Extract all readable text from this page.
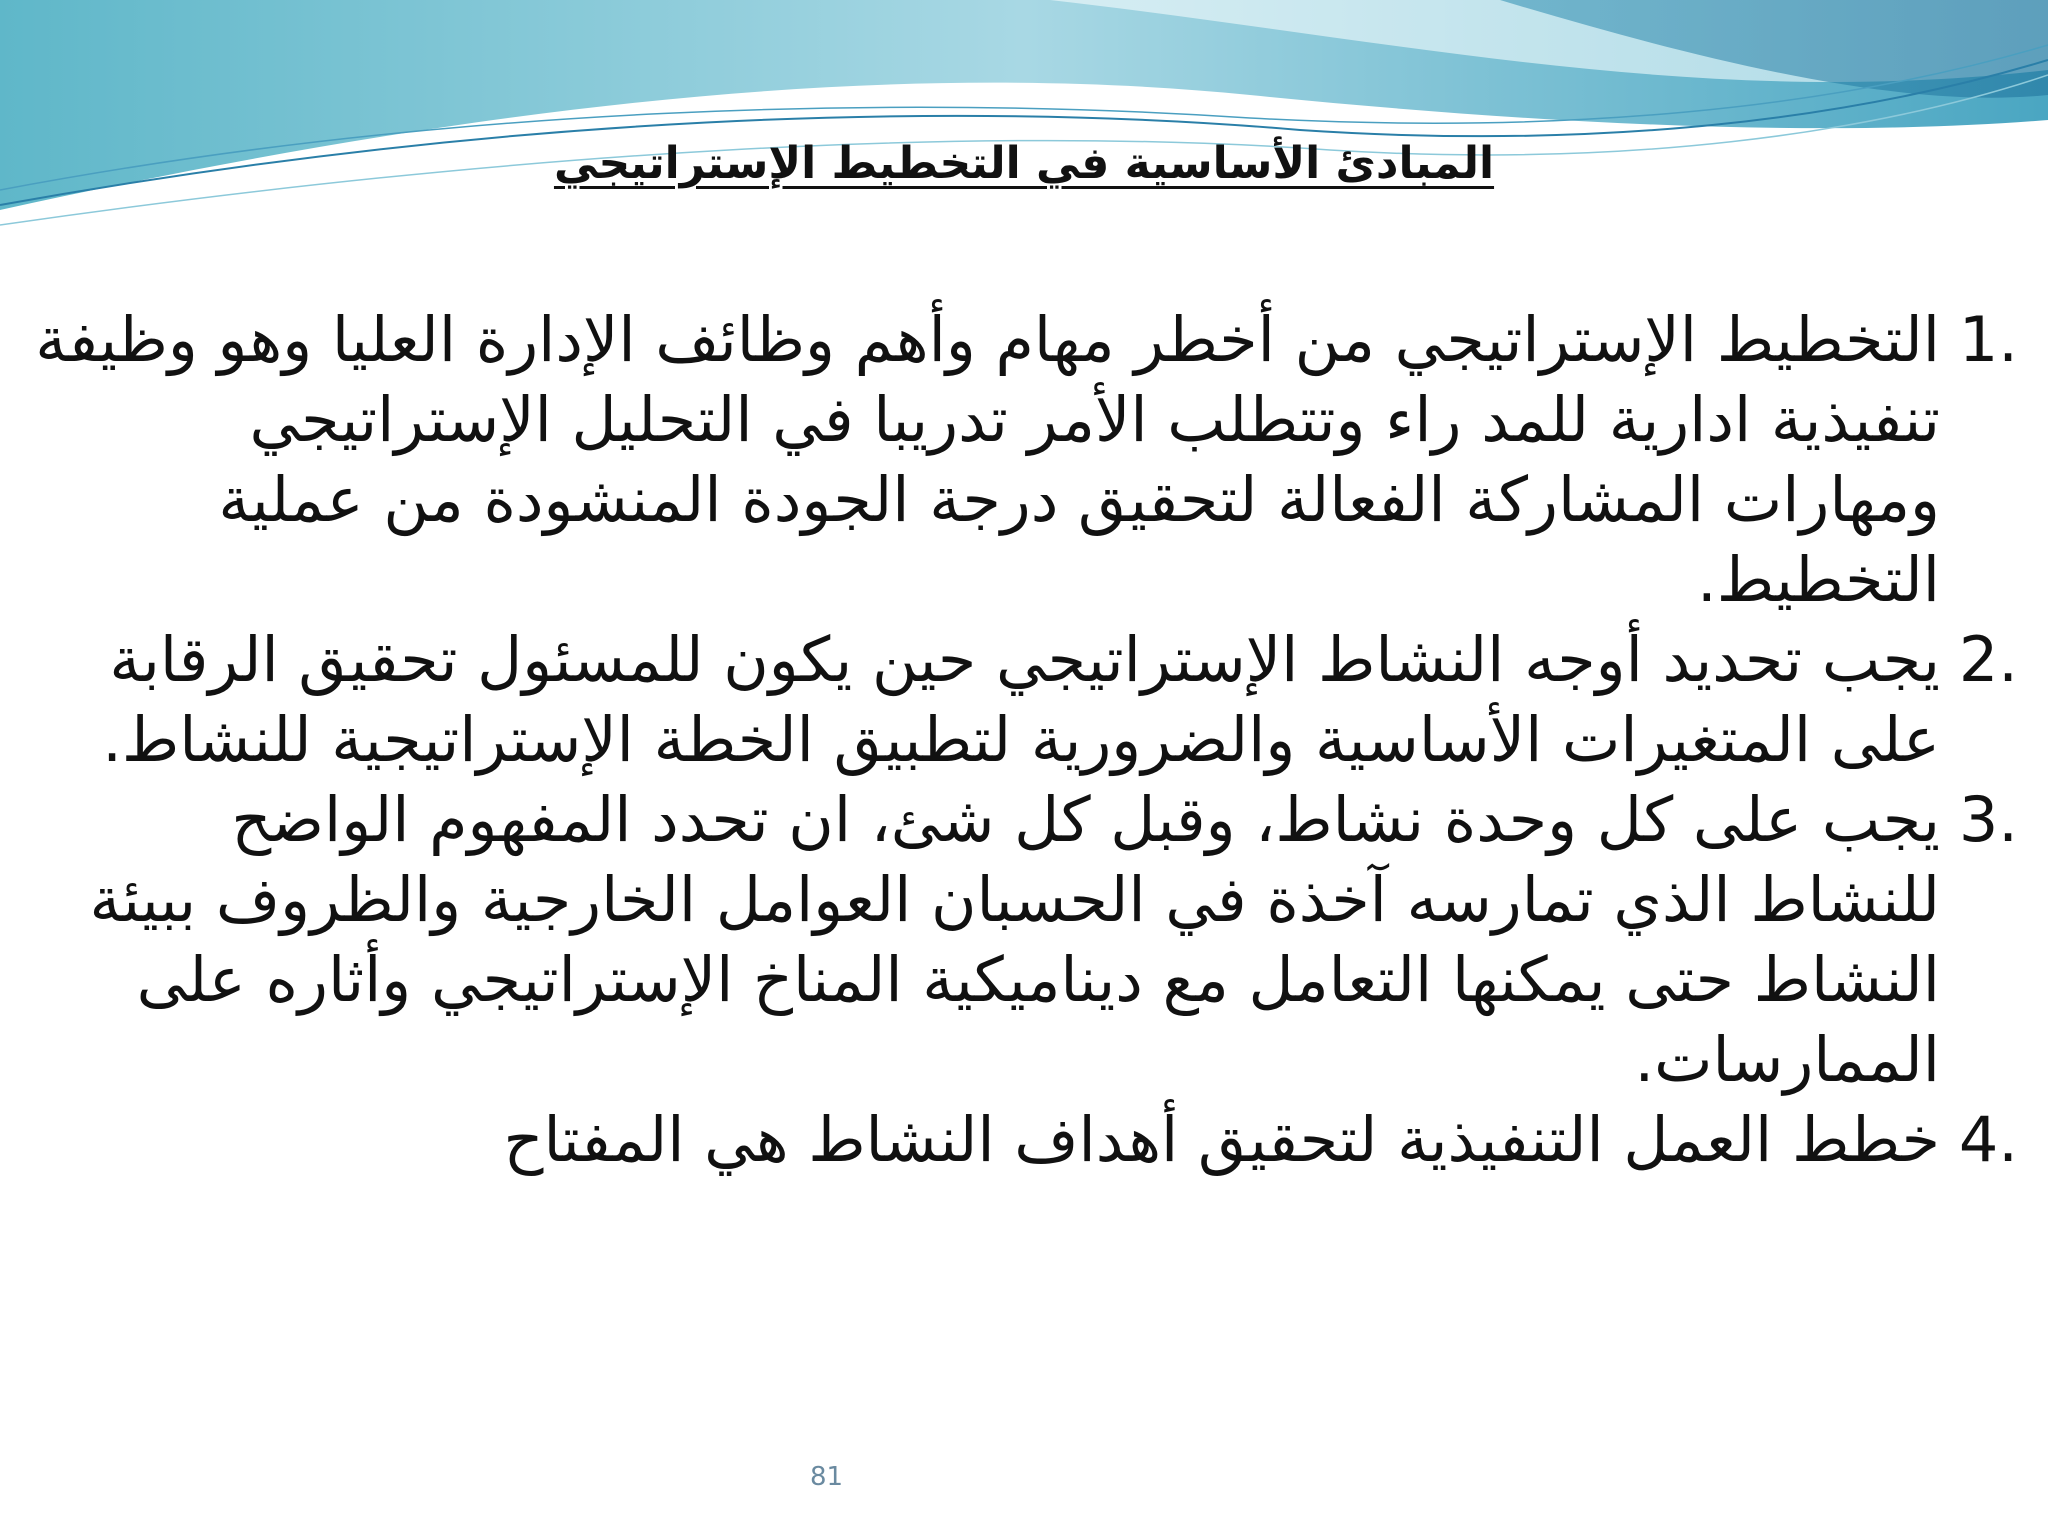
المبادئ الأساسية في التخطيط الإستراتيجي
1.
التخطيط الإستراتيجي من أخطر مهام وأهم وظائف الإدارة العليا وهو وظيفة تنفيذية ادارية للمد راء وتتطلب الأمر تدريبا في التحليل الإستراتيجي ومهارات المشاركة الفعالة لتحقيق درجة الجودة المنشودة من عملية التخطيط.
2.
يجب تحديد أوجه النشاط الإستراتيجي حين يكون للمسئول تحقيق الرقابة على المتغيرات الأساسية والضرورية لتطبيق الخطة الإستراتيجية للنشاط.
3.
يجب على كل وحدة نشاط، وقبل كل شئ، ان تحدد المفهوم الواضح للنشاط الذي تمارسه آخذة في الحسبان العوامل الخارجية والظروف ببيئة النشاط حتى يمكنها التعامل مع ديناميكية المناخ الإستراتيجي وأثاره على الممارسات.
4.
خطط العمل التنفيذية لتحقيق أهداف النشاط هي المفتاح
81
